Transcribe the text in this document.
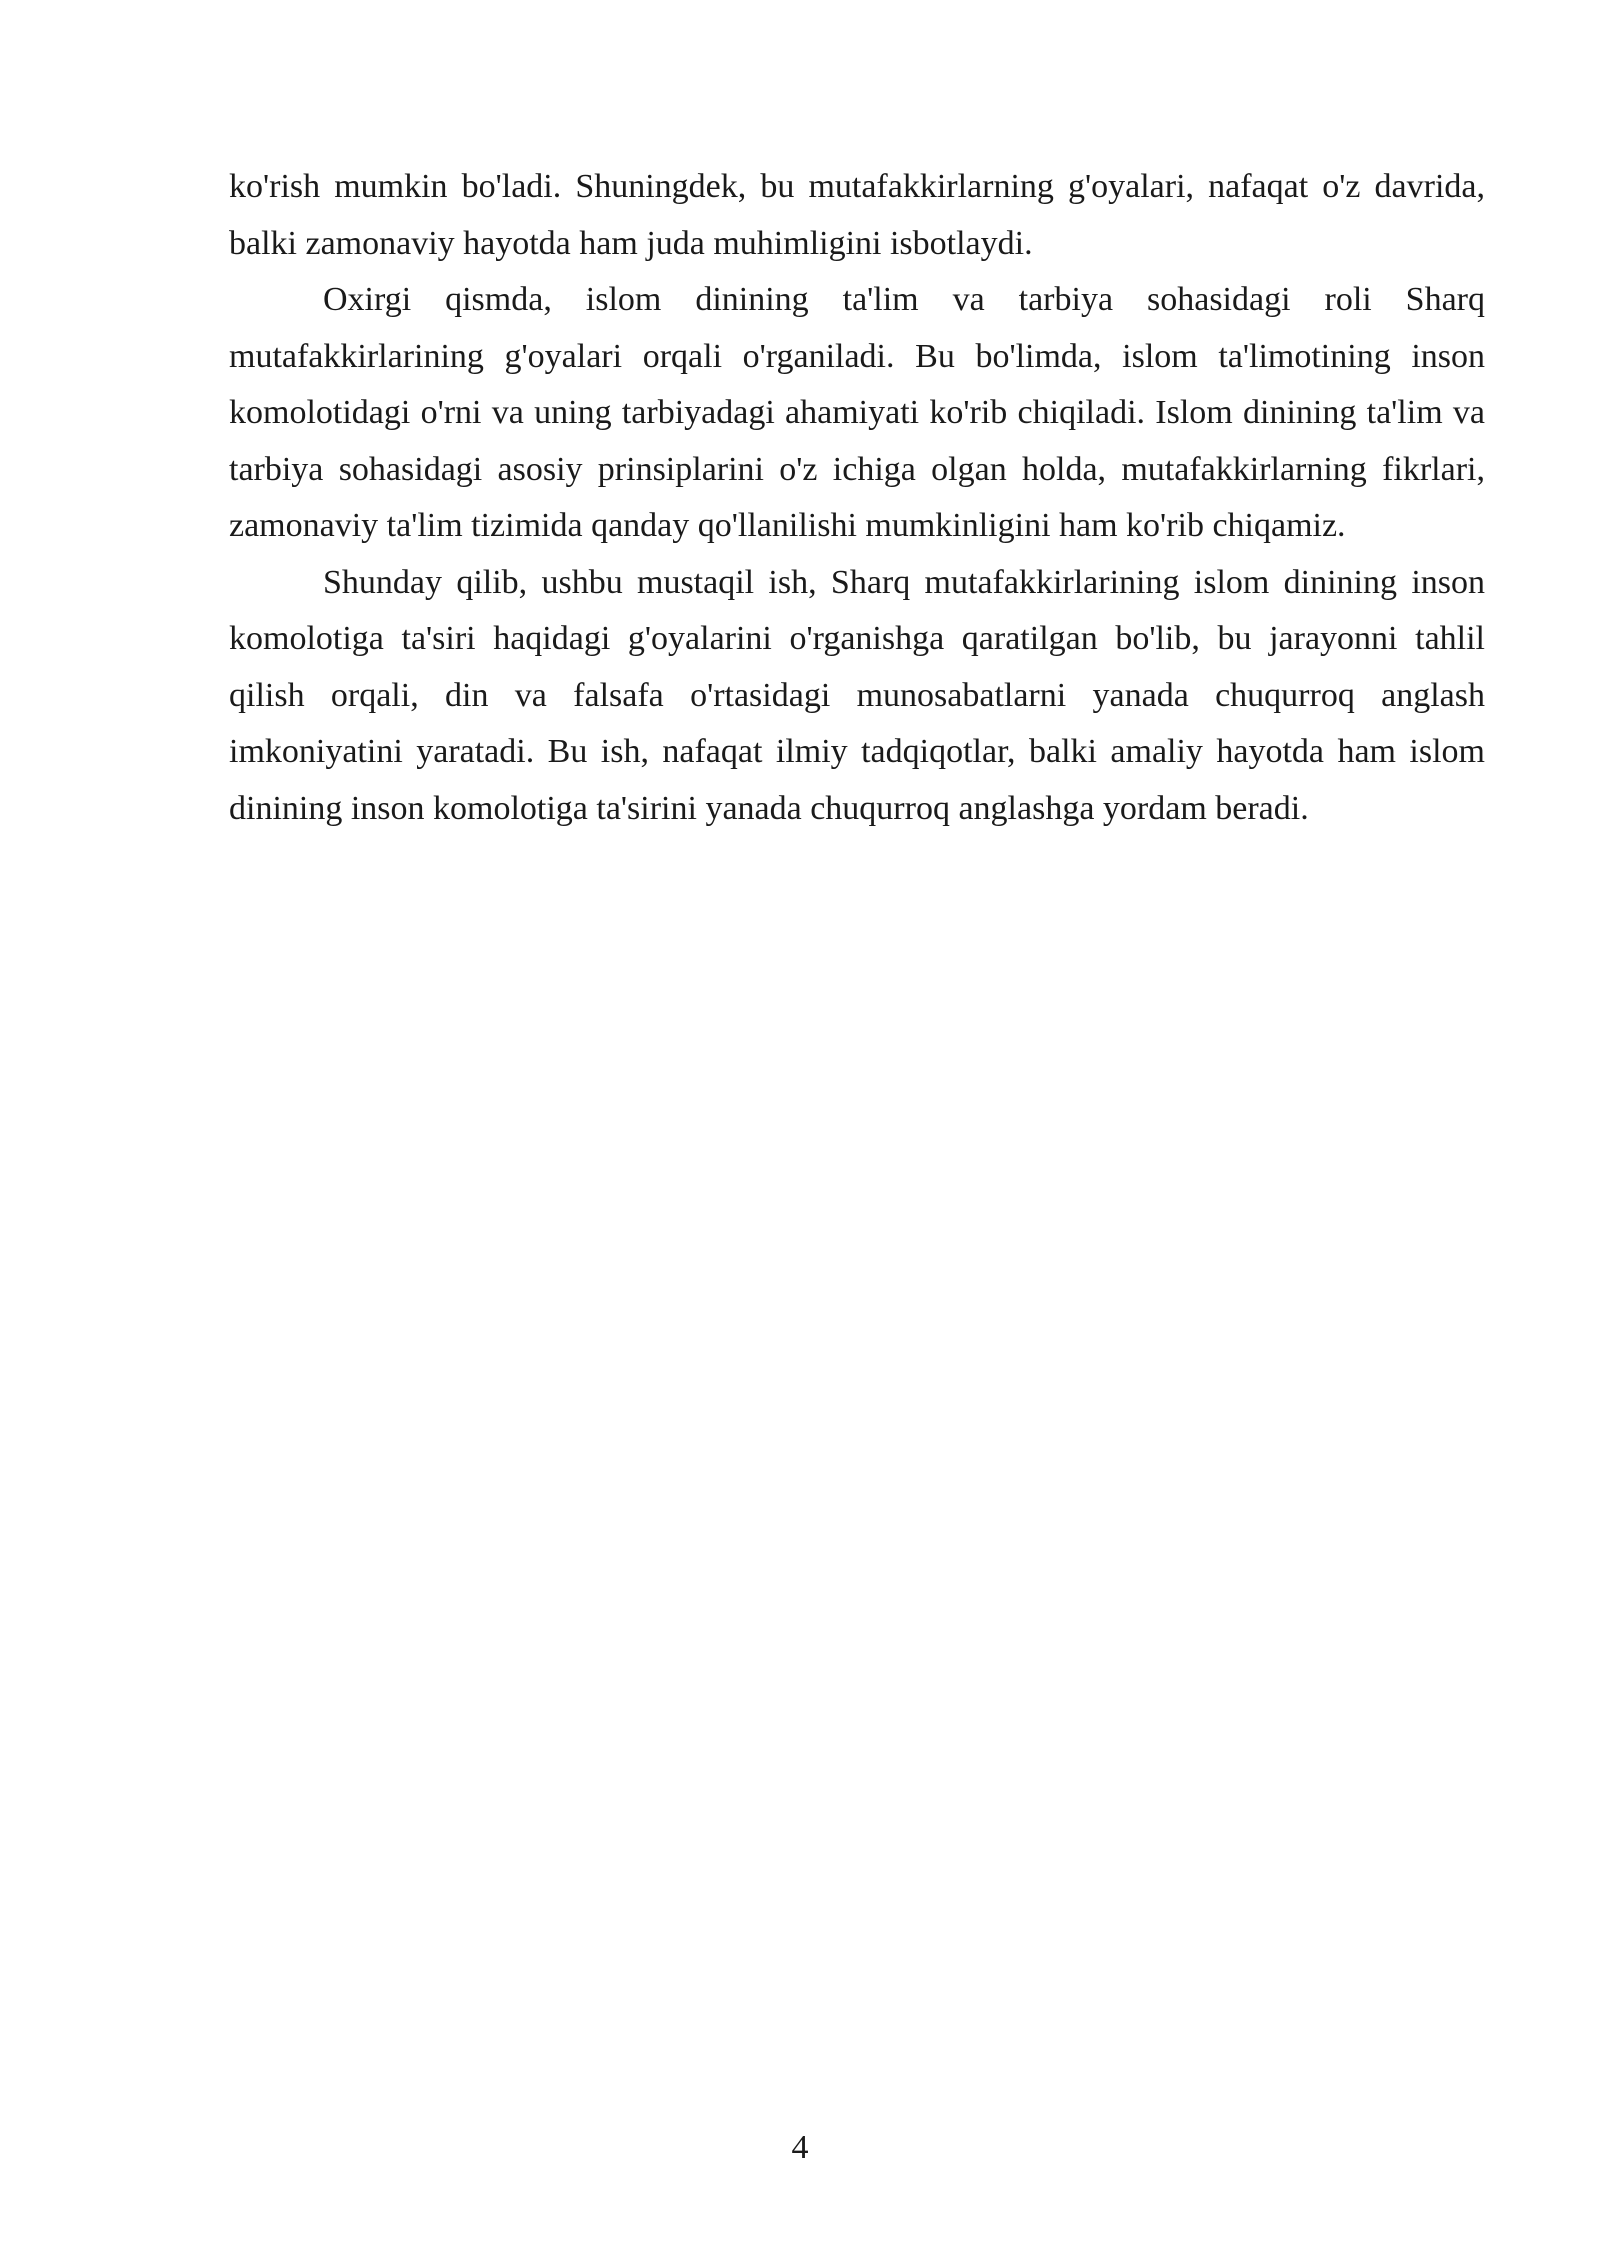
ko'rish mumkin bo'ladi. Shuningdek, bu mutafakkirlarning g'oyalari, nafaqat o'z davrida, balki zamonaviy hayotda ham juda muhimligini isbotlaydi.

Oxirgi qismda, islom dinining ta'lim va tarbiya sohasidagi roli Sharq mutafakkirlarining g'oyalari orqali o'rganiladi. Bu bo'limda, islom ta'limotining inson komolotidagi o'rni va uning tarbiyadagi ahamiyati ko'rib chiqiladi. Islom dinining ta'lim va tarbiya sohasidagi asosiy prinsiplarini o'z ichiga olgan holda, mutafakkirlarning fikrlari, zamonaviy ta'lim tizimida qanday qo'llanilishi mumkinligini ham ko'rib chiqamiz.

Shunday qilib, ushbu mustaqil ish, Sharq mutafakkirlarining islom dinining inson komolotiga ta'siri haqidagi g'oyalarini o'rganishga qaratilgan bo'lib, bu jarayonni tahlil qilish orqali, din va falsafa o'rtasidagi munosabatlarni yanada chuqurroq anglash imkoniyatini yaratadi. Bu ish, nafaqat ilmiy tadqiqotlar, balki amaliy hayotda ham islom dinining inson komolotiga ta'sirini yanada chuqurroq anglashga yordam beradi.

4
